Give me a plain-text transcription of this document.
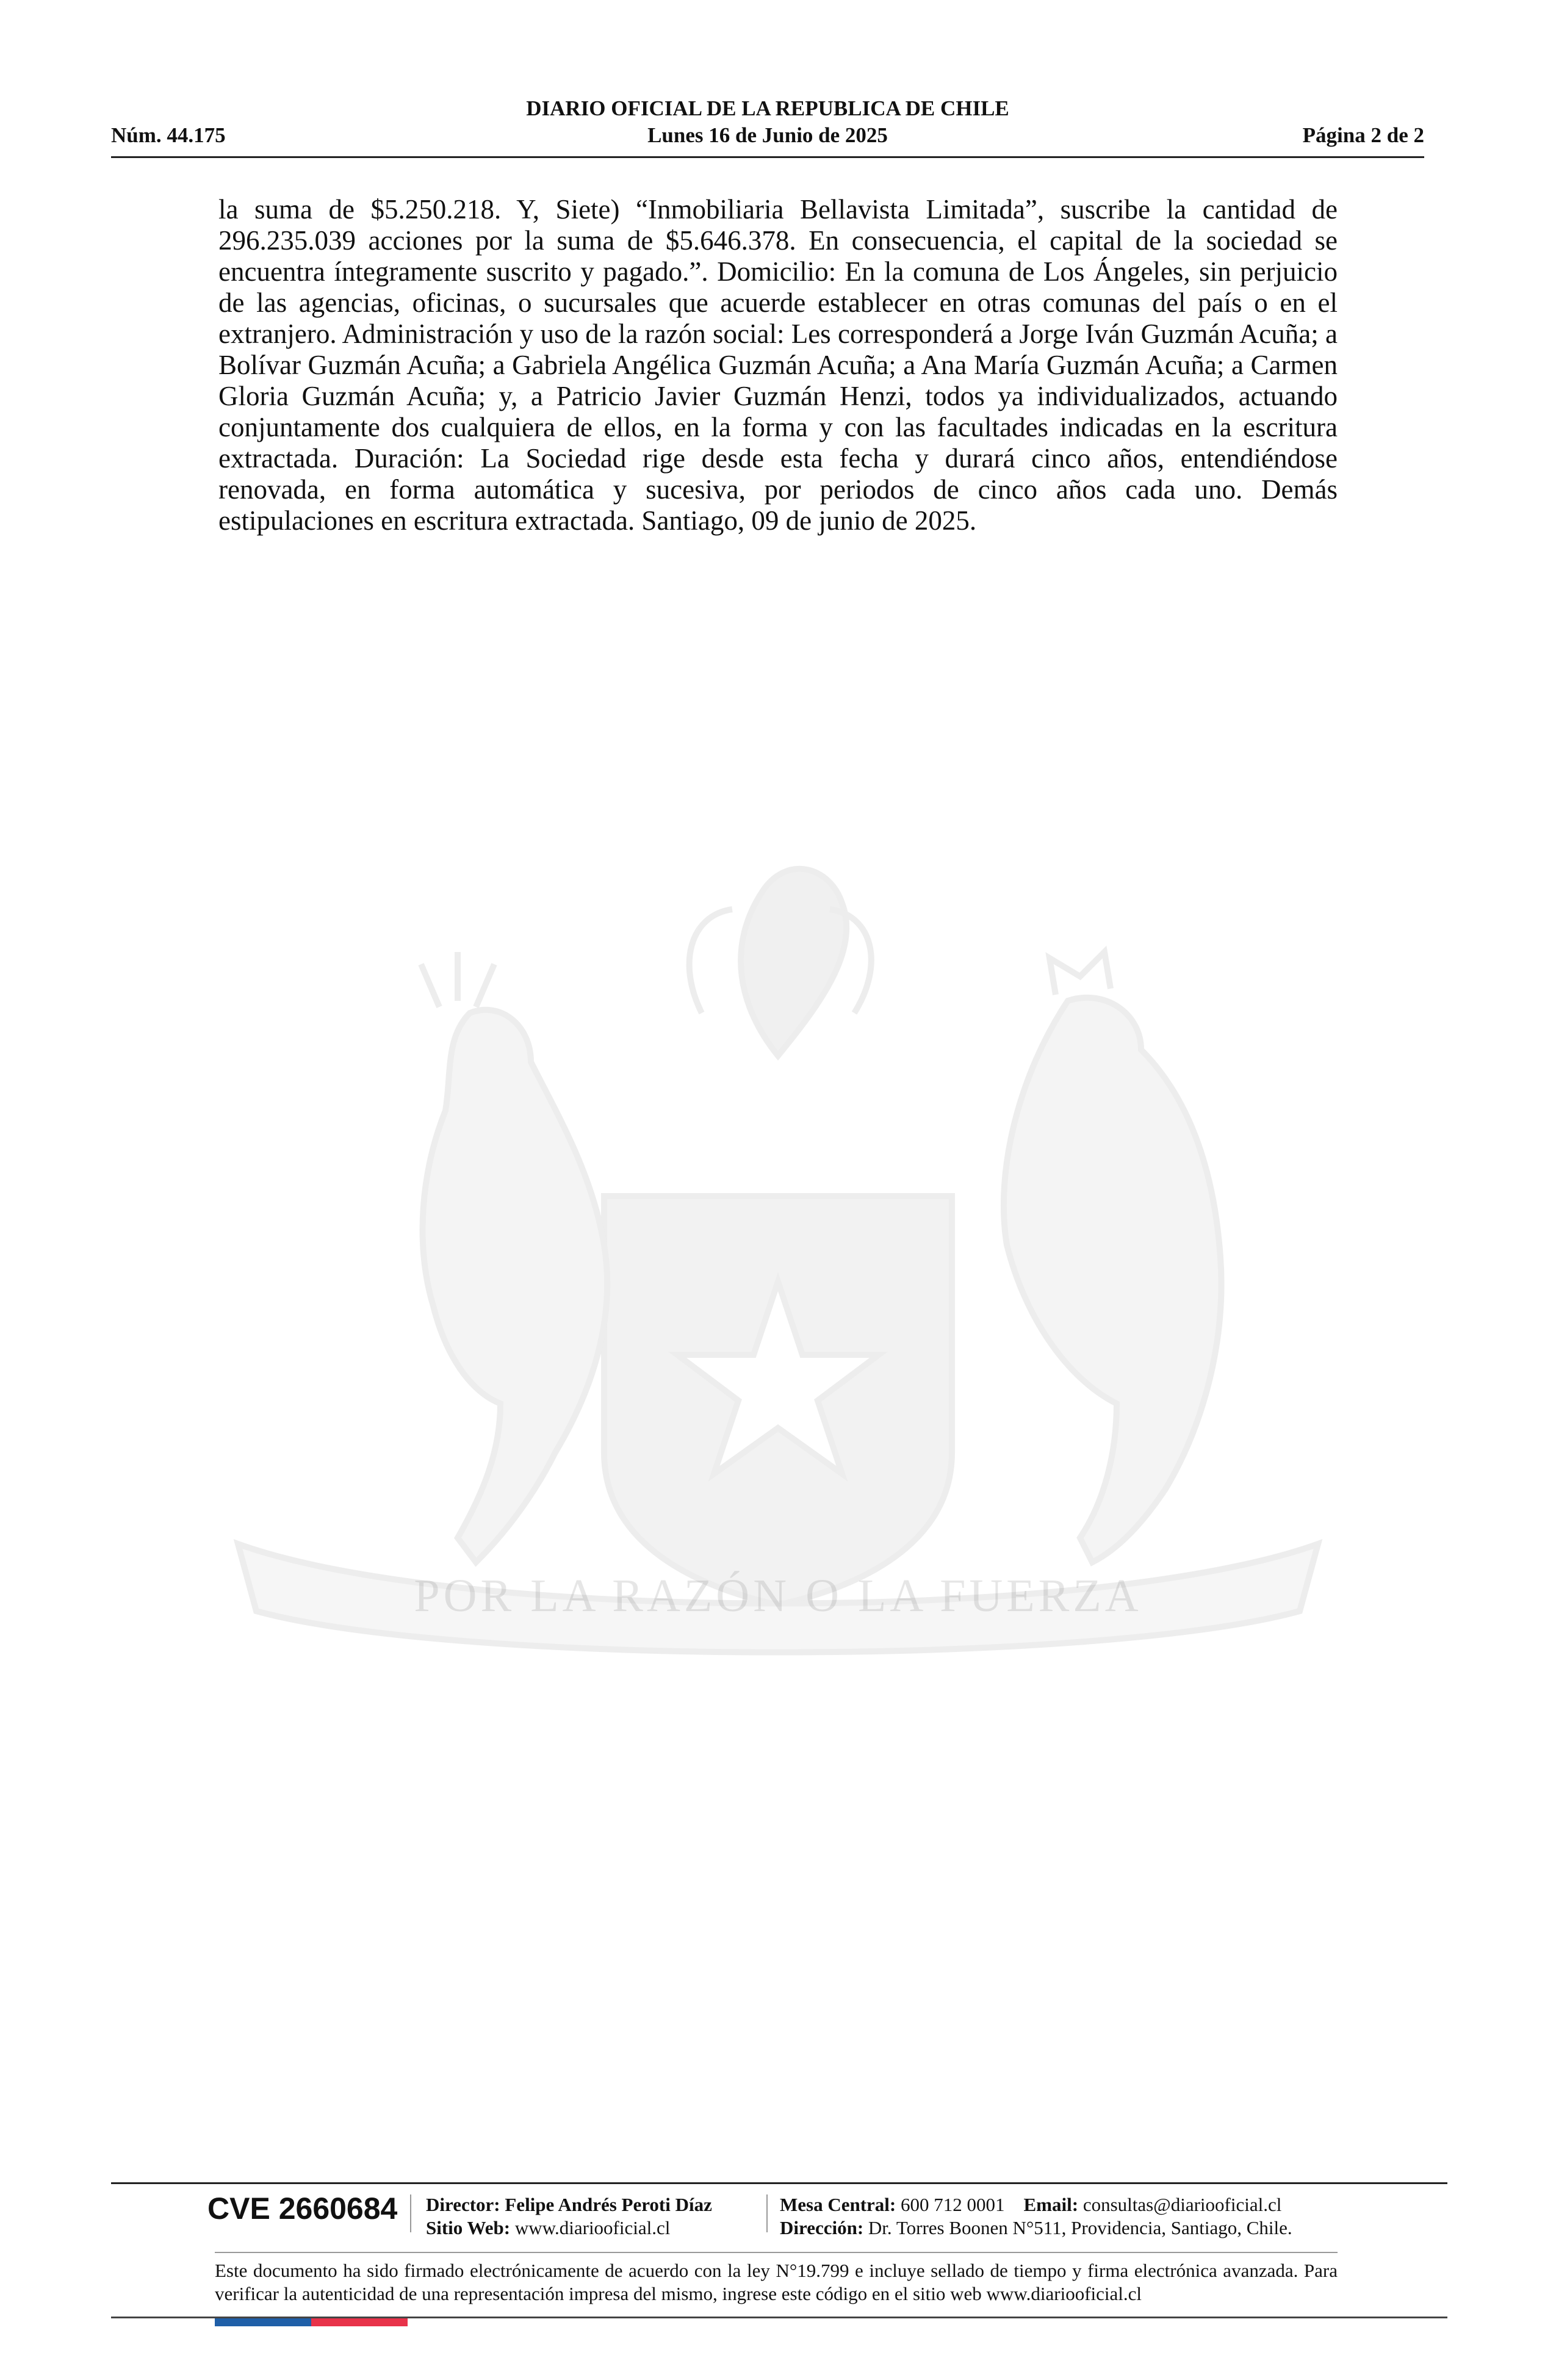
DIARIO OFICIAL DE LA REPUBLICA DE CHILE
Núm. 44.175	Lunes 16 de Junio de 2025	Página 2 de 2
POR LA RAZÓN O LA FUERZA

la suma de $5.250.218. Y, Siete) “Inmobiliaria Bellavista Limitada”, suscribe la cantidad de 296.235.039 acciones por la suma de $5.646.378. En consecuencia, el capital de la sociedad se encuentra íntegramente suscrito y pagado.”. Domicilio: En la comuna de Los Ángeles, sin perjuicio de las agencias, oficinas, o sucursales que acuerde establecer en otras comunas del país o en el extranjero. Administración y uso de la razón social: Les corresponderá a Jorge Iván Guzmán Acuña; a Bolívar Guzmán Acuña; a Gabriela Angélica Guzmán Acuña; a Ana María Guzmán Acuña; a Carmen Gloria Guzmán Acuña; y, a Patricio Javier Guzmán Henzi, todos ya individualizados, actuando conjuntamente dos cualquiera de ellos, en la forma y con las facultades indicadas en la escritura extractada. Duración: La Sociedad rige desde esta fecha y durará cinco años, entendiéndose renovada, en forma automática y sucesiva, por periodos de cinco años cada uno. Demás estipulaciones en escritura extractada. Santiago, 09 de junio de 2025.

CVE 2660684 Director: Felipe Andrés Peroti Díaz
Sitio Web: www.diariooficial.cl
Mesa Central: 600 712 0001 Email: consultas@diariooficial.cl
Dirección: Dr. Torres Boonen N°511, Providencia, Santiago, Chile.

Este documento ha sido firmado electrónicamente de acuerdo con la ley N°19.799 e incluye sellado de tiempo y firma electrónica avanzada. Para verificar la autenticidad de una representación impresa del mismo, ingrese este código en el sitio web www.diariooficial.cl
